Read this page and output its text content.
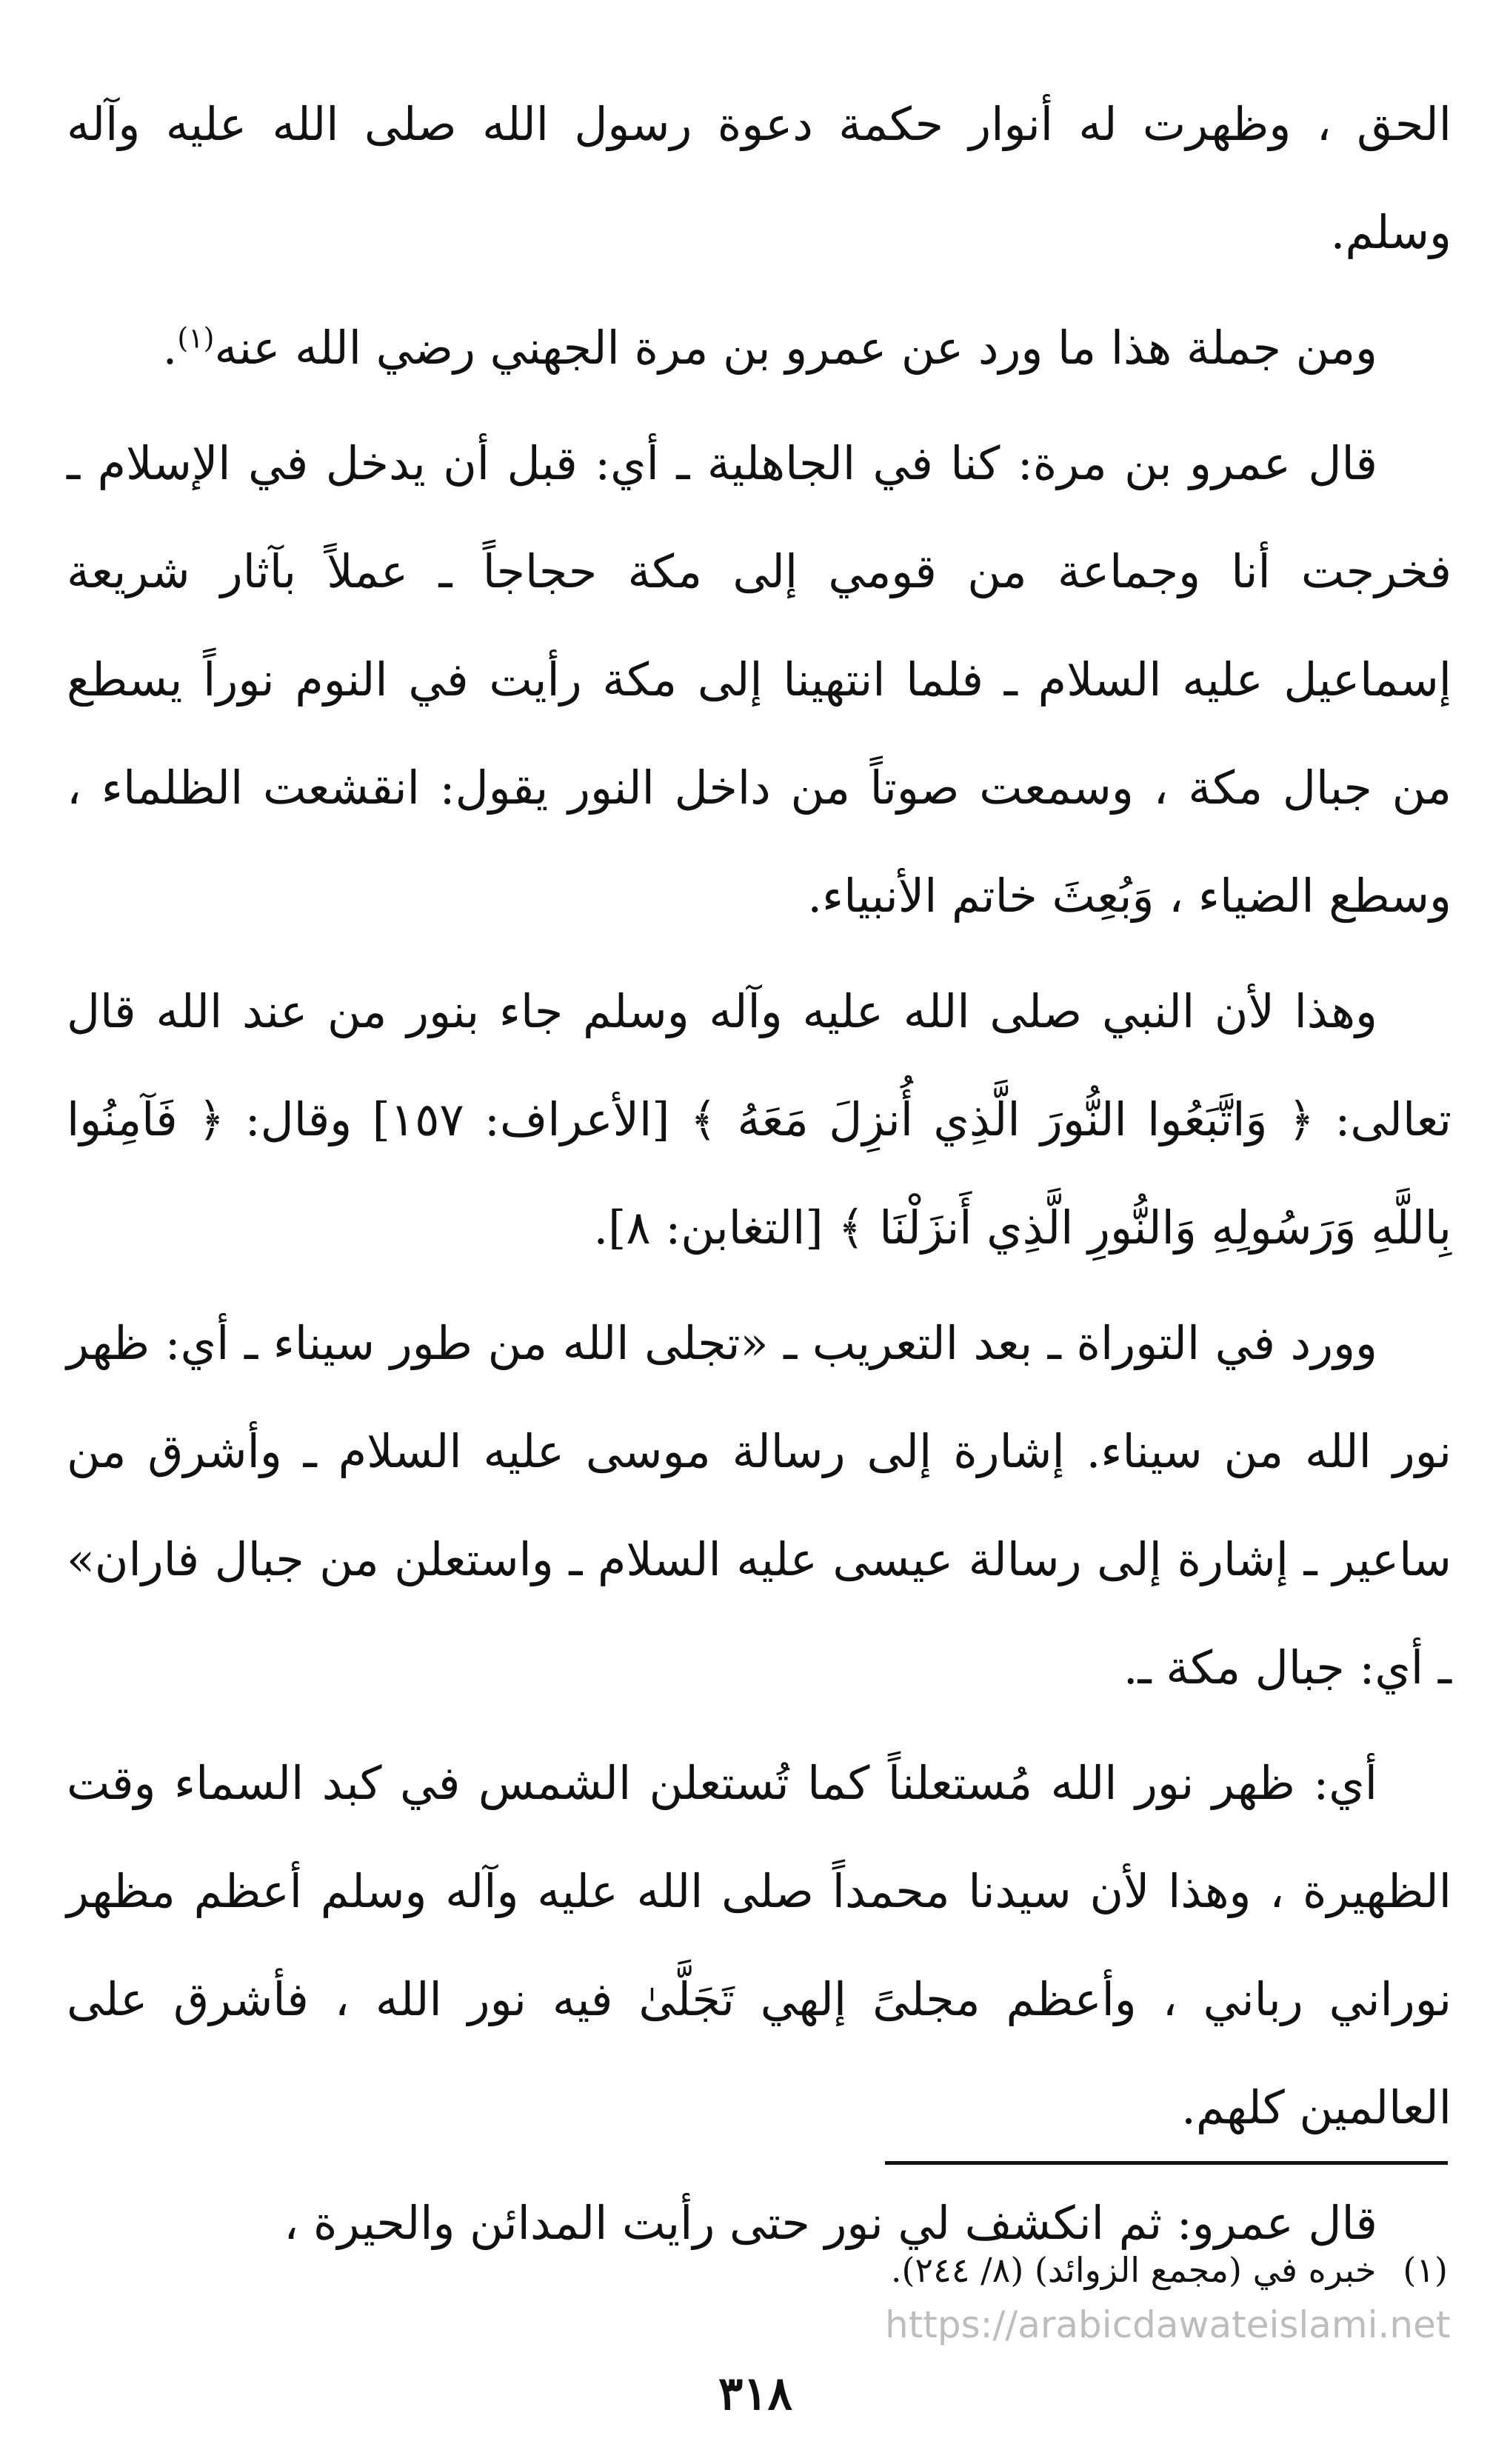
الحق ، وظهرت له أنوار حكمة دعوة رسول الله صلى الله عليه وآله وسلم.

ومن جملة هذا ما ورد عن عمرو بن مرة الجهني رضي الله عنه$^{(١)}$.

قال عمرو بن مرة: كنا في الجاهلية ـ أي: قبل أن يدخل في الإسلام ـ فخرجت أنا وجماعة من قومي إلى مكة حجاجاً ـ عملاً بآثار شريعة إسماعيل عليه السلام ـ فلما انتهينا إلى مكة رأيت في النوم نوراً يسطع من جبال مكة ، وسمعت صوتاً من داخل النور يقول: انقشعت الظلماء ، وسطع الضياء ، وَبُعِثَ خاتم الأنبياء.

وهذا لأن النبي صلى الله عليه وآله وسلم جاء بنور من عند الله قال تعالى: ﴿ وَاتَّبَعُوا النُّورَ الَّذِي أُنزِلَ مَعَهُ ﴾ [الأعراف: ١٥٧] وقال: ﴿ فَآمِنُوا بِاللَّهِ وَرَسُولِهِ وَالنُّورِ الَّذِي أَنزَلْنَا ﴾ [التغابن: ٨].

وورد في التوراة ـ بعد التعريب ـ «تجلى الله من طور سيناء ـ أي: ظهر نور الله من سيناء. إشارة إلى رسالة موسى عليه السلام ـ وأشرق من ساعير ـ إشارة إلى رسالة عيسى عليه السلام ـ واستعلن من جبال فاران» ـ أي: جبال مكة ـ.

أي: ظهر نور الله مُستعلناً كما تُستعلن الشمس في كبد السماء وقت الظهيرة ، وهذا لأن سيدنا محمداً صلى الله عليه وآله وسلم أعظم مظهر نوراني رباني ، وأعظم مجلىً إلهي تَجَلَّىٰ فيه نور الله ، فأشرق على العالمين كلهم.

قال عمرو: ثم انكشف لي نور حتى رأيت المدائن والحيرة ،

(١)خبره في (مجمع الزوائد) (٨/ ٢٤٤).
https://arabicdawateislami.net
٣١٨
